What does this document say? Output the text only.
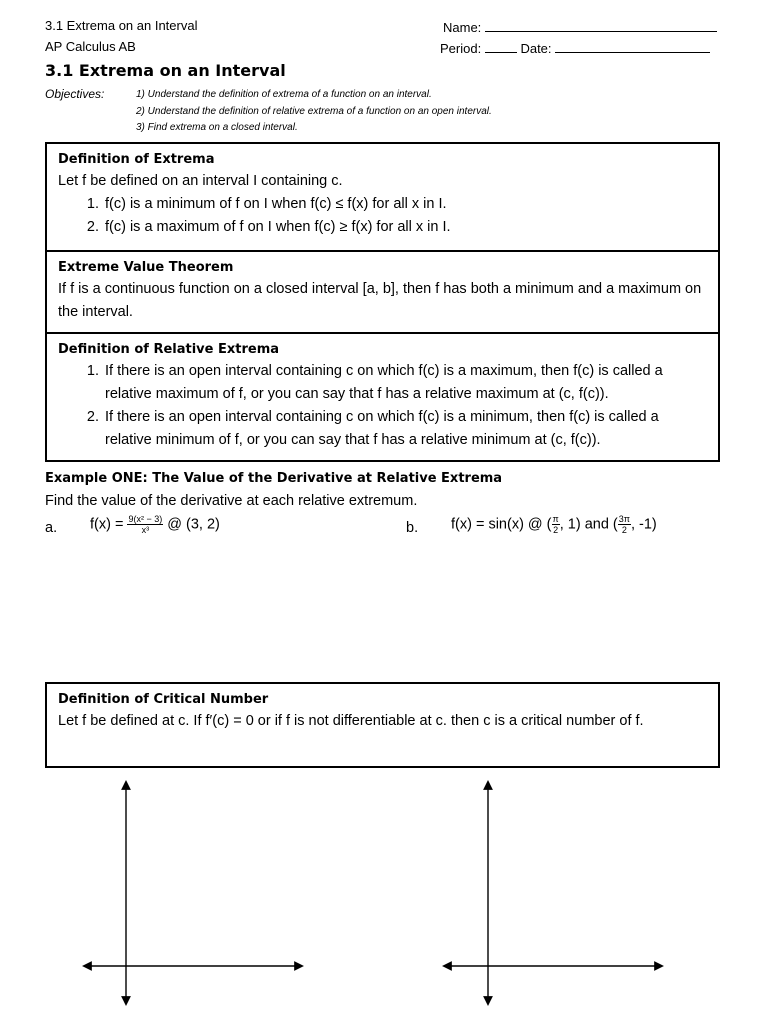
3.1 Extrema on an Interval
AP Calculus AB
Name:
Period:	Date:
3.1 Extrema on an Interval
Objectives:	1) Understand the definition of extrema of a function on an interval.
2) Understand the definition of relative extrema of a function on an open interval.
3) Find extrema on a closed interval.
Definition of Extrema
Let f be defined on an interval I containing c.
1. f(c) is a minimum of f on I when f(c) ≤ f(x) for all x in I.
2. f(c) is a maximum of f on I when f(c) ≥ f(x) for all x in I.
Extreme Value Theorem
If f is a continuous function on a closed interval [a, b], then f has both a minimum and a maximum on the interval.
Definition of Relative Extrema
1. If there is an open interval containing c on which f(c) is a maximum, then f(c) is called a relative maximum of f, or you can say that f has a relative maximum at (c, f(c)).
2. If there is an open interval containing c on which f(c) is a minimum, then f(c) is called a relative minimum of f, or you can say that f has a relative minimum at (c, f(c)).
Example ONE: The Value of the Derivative at Relative Extrema
Find the value of the derivative at each relative extremum.
a. $f(x) = \frac{\text{9(x² − 3)}}{\text{x³}}$ @ (3, 2)	b. f(x) = sin(x) @ ( $\frac{\pi}{2}$ , 1) and ( $\frac{3\pi}{2}$ , -1)
Definition of Critical Number
Let f be defined at c. If f′(c) = 0 or if f is not differentiable at c. then c is a critical number of f.
